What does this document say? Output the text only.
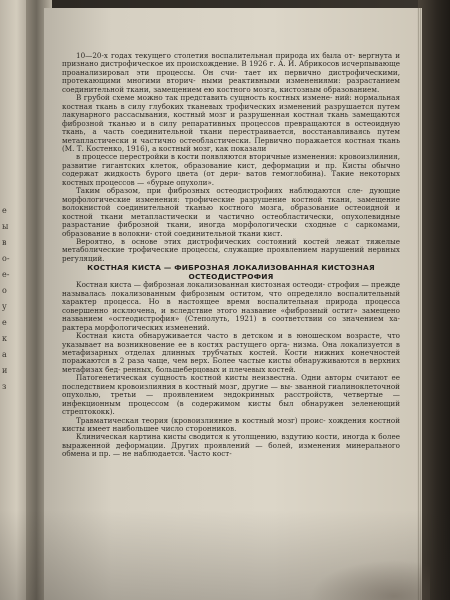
е
ы
в
о-
е-
о
у
е
к
а
и
з

10—20-х годах текущего столетия воспалительная природа их была от- вергнута и признано дистрофическое их происхождение. В 1926 г. А. И. Абрикосов исчерпывающе проанализировал эти процессы. Он счи- тает их первично дистрофическими, протекающими многими вторич- ными реактивными изменениями: разрастанием соединительной ткани, замещением ею костного мозга, кистозным образованием.

В грубой схеме можно так представить сущность костных измене- ний: нормальная костная ткань в силу глубоких тканевых трофических изменений разрушается путем лакунарного рассасывания, костный мозг и разрушенная костная ткань замещаются фиброзной тканью и в силу репаративных процессов превращаются в остеоидную ткань, а часть соединительной ткани перестраивается, восстанавливаясь путем метапластически и частично остеобластически. Первично поражается костная ткань (М. Т. Костенко, 1916), а костный мозг, как показали

в процессе перестройки в кости появляются вторичные изменения: кровоизлияния, развитие гигантских клеток, образование кист, деформации и пр. Кисты обычно содержат жидкость бурого цвета (от дери- ватов гемоглобина). Такие некоторых костных процессов — «бурые опухоли».

Таким образом, при фиброзных остеодистрофиях наблюдаются сле- дующие морфологические изменения: трофические разрушение костной ткани, замещение волокнистой соединительной тканью костного мозга, образование остеоидной и костной ткани метапластически и частично остеобластически, опухолевидные разрастание фиброзной ткани, иногда морфологически сходные с саркомами, образование в волокни- стой соединительной ткани кист.

Вероятно, в основе этих дистрофических состояний костей лежат тяжелые метаболические трофические процессы, служащие проявлением нарушений нервных регуляций.

КОСТНАЯ КИСТА — ФИБРОЗНАЯ ЛОКАЛИЗОВАННАЯ КИСТОЗНАЯ
ОСТЕОДИСТРОФИЯ

Костная киста — фиброзная локализованная кистозная остеоди- строфия — прежде называлась локализованным фиброзным оститом, что определяло воспалительный характер процесса. Но в настоящее время воспалительная природа процесса совершенно исключена, и вследствие этого название «фиброзный остит» замещено названием «остеодистрофия» (Степолуть, 1921) в соответствии со значением ха- рактера морфологических изменений.

Костная киста обнаруживается часто в детском и в юношеском возрасте, что указывает на возникновение ее в костях растущего орга- низма. Она локализуется в метафизарных отделах длинных трубчатых костей. Кости нижних конечностей поражаются в 2 раза чаще, чем верх. Более частые кисты обнаруживаются в верхних метафизах бед- ренных, большеберцовых и плечевых костей.

Патогенетическая сущность костной кисты неизвестна. Одни авторы считают ее последствием кровоизлияния в костный мозг, другие — вы- званной гиалиноклеточной опухолью, третьи — проявлением эндокринных расстройств, четвертые — инфекционным процессом (в содержимом кисты был обнаружен зеленеющий стрептококк).

Травматическая теория (кровоизлияние в костный мозг) проис- хождения костной кисты имеет наибольшее число сторонников.

Клиническая картина кисты сводится к утолщению, вздутию кости, иногда к более выраженной деформации. Других проявлений — болей, изменения минерального обмена и пр. — не наблюдается. Часто кост-
